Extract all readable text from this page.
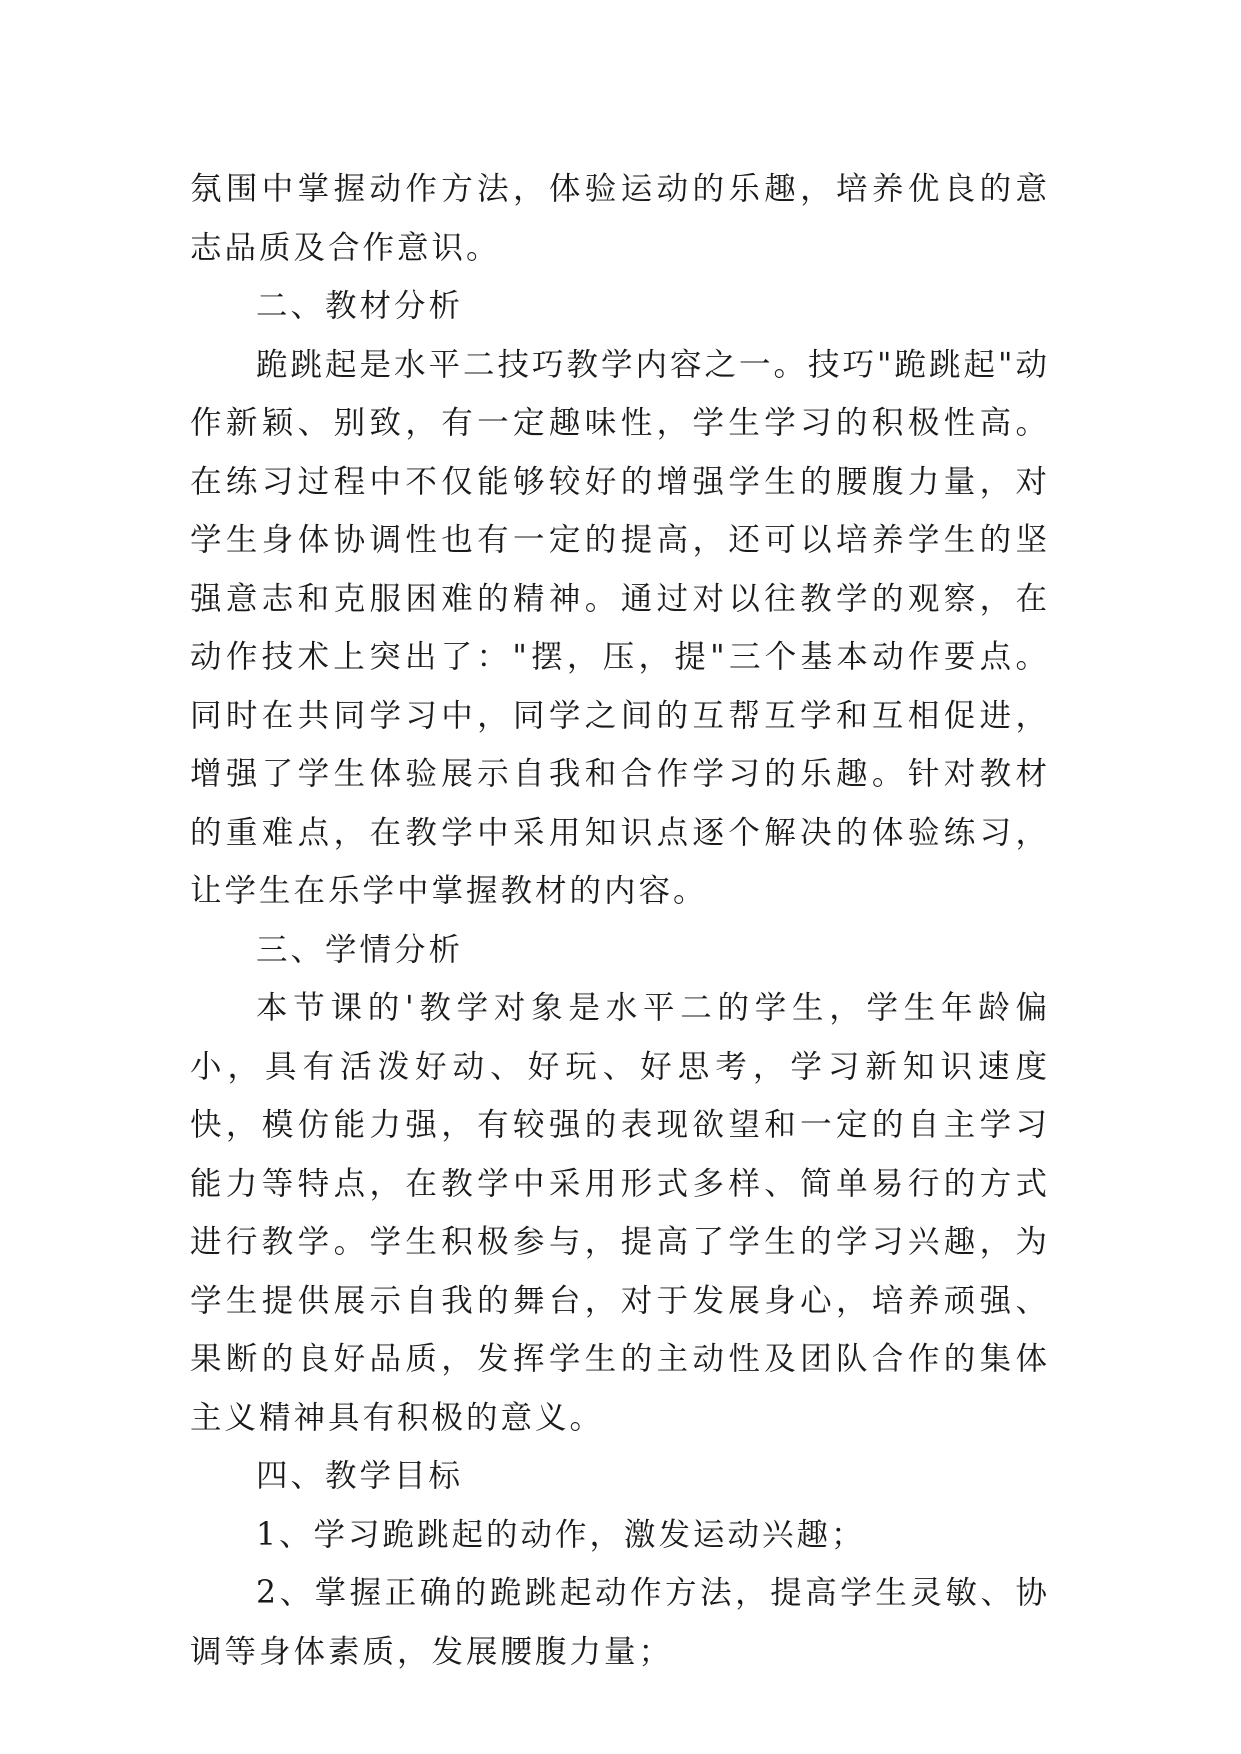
氛围中掌握动作方法，体验运动的乐趣，培养优良的意志品质及合作意识。

二、教材分析

跪跳起是水平二技巧教学内容之一。技巧"跪跳起"动作新颖、别致，有一定趣味性，学生学习的积极性高。在练习过程中不仅能够较好的增强学生的腰腹力量，对学生身体协调性也有一定的提高，还可以培养学生的坚强意志和克服困难的精神。通过对以往教学的观察，在动作技术上突出了："摆，压，提"三个基本动作要点。同时在共同学习中，同学之间的互帮互学和互相促进，增强了学生体验展示自我和合作学习的乐趣。针对教材的重难点，在教学中采用知识点逐个解决的体验练习，让学生在乐学中掌握教材的内容。

三、学情分析

本节课的'教学对象是水平二的学生，学生年龄偏小，具有活泼好动、好玩、好思考，学习新知识速度快，模仿能力强，有较强的表现欲望和一定的自主学习能力等特点，在教学中采用形式多样、简单易行的方式进行教学。学生积极参与，提高了学生的学习兴趣，为学生提供展示自我的舞台，对于发展身心，培养顽强、果断的良好品质，发挥学生的主动性及团队合作的集体主义精神具有积极的意义。

四、教学目标

1、学习跪跳起的动作，激发运动兴趣；

2、掌握正确的跪跳起动作方法，提高学生灵敏、协调等身体素质，发展腰腹力量；
